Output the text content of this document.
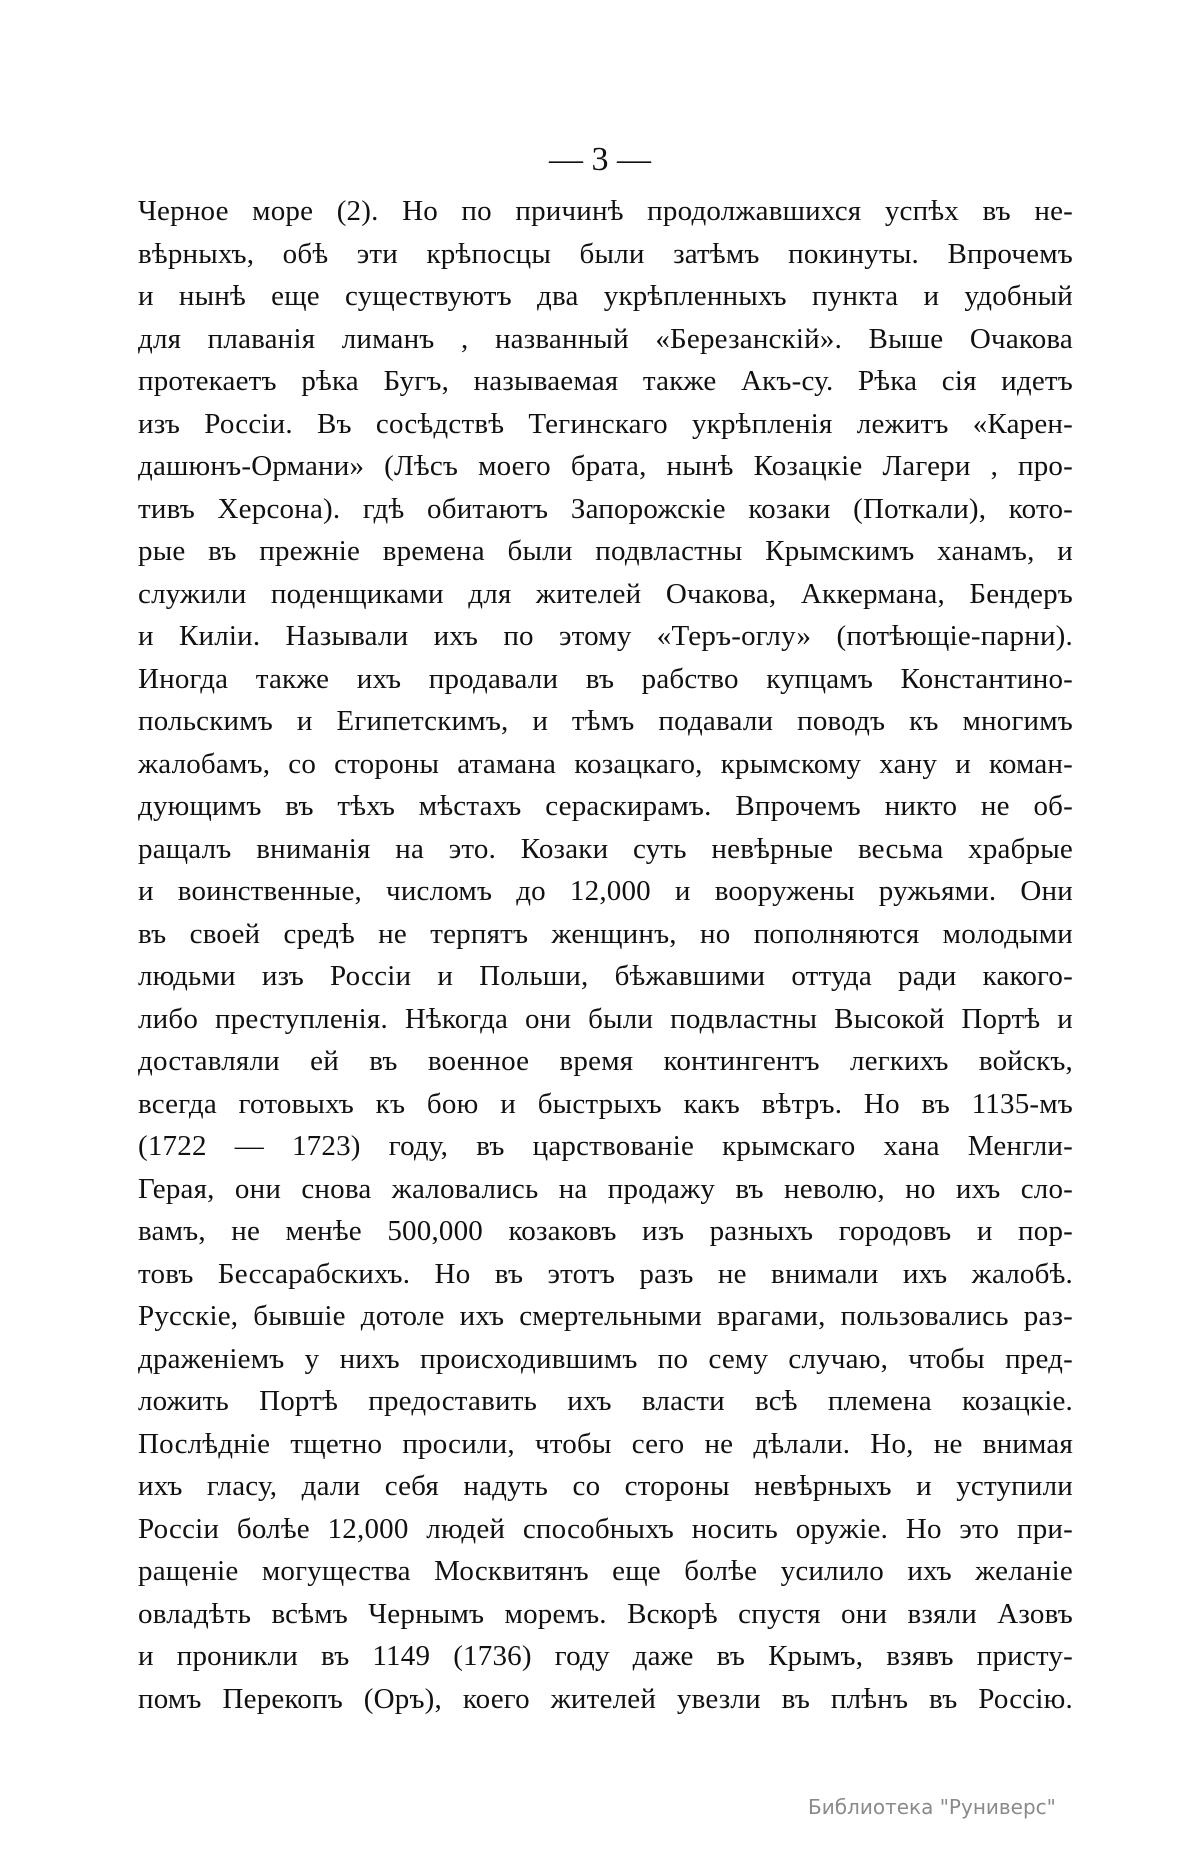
— 3 —
Черное море (2). Но по причинѣ продолжавшихся успѣх въ не-
вѣрныхъ, обѣ эти крѣпосцы были затѣмъ покинуты. Впрочемъ
и нынѣ еще существуютъ два укрѣпленныхъ пункта и удобный
для плаванія лиманъ , названный «Березанскій». Выше Очакова
протекаетъ рѣка Бугъ, называемая также Акъ-су. Рѣка сія идетъ
изъ Россіи. Въ сосѣдствѣ Тегинскаго укрѣпленія лежитъ «Карен-
дашюнъ-Ормани» (Лѣсъ моего брата, нынѣ Козацкіе Лагери , про-
тивъ Херсона). гдѣ обитаютъ Запорожскіе козаки (Поткали), кото-
рые въ прежніе времена были подвластны Крымскимъ ханамъ, и
служили поденщиками для жителей Очакова, Аккермана, Бендеръ
и Киліи. Называли ихъ по этому «Теръ-оглу» (потѣющіе-парни).
Иногда также ихъ продавали въ рабство купцамъ Константино-
польскимъ и Египетскимъ, и тѣмъ подавали поводъ къ многимъ
жалобамъ, со стороны атамана козацкаго, крымскому хану и коман-
дующимъ въ тѣхъ мѣстахъ сераскирамъ. Впрочемъ никто не об-
ращалъ вниманія на это. Козаки суть невѣрные весьма храбрые
и воинственные, числомъ до 12,000 и вооружены ружьями. Они
въ своей средѣ не терпятъ женщинъ, но пополняются молодыми
людьми изъ Россіи и Польши, бѣжавшими оттуда ради какого-
либо преступленія. Нѣкогда они были подвластны Высокой Портѣ и
доставляли ей въ военное время контингентъ легкихъ войскъ,
всегда готовыхъ къ бою и быстрыхъ какъ вѣтръ. Но въ 1135-мъ
(1722 — 1723) году, въ царствованіе крымскаго хана Менгли-
Герая, они снова жаловались на продажу въ неволю, но ихъ сло-
вамъ, не менѣе 500,000 козаковъ изъ разныхъ городовъ и пор-
товъ Бессарабскихъ. Но въ этотъ разъ не внимали ихъ жалобѣ.
Русскіе, бывшіе дотоле ихъ смертельными врагами, пользовались раз-
драженіемъ у нихъ происходившимъ по сему случаю, чтобы пред-
ложить Портѣ предоставить ихъ власти всѣ племена козацкіе.
Послѣдніе тщетно просили, чтобы сего не дѣлали. Но, не внимая
ихъ гласу, дали себя надуть со стороны невѣрныхъ и уступили
Россіи болѣе 12,000 людей способныхъ носить оружіе. Но это при-
ращеніе могущества Москвитянъ еще болѣе усилило ихъ желаніе
овладѣть всѣмъ Чернымъ моремъ. Вскорѣ спустя они взяли Азовъ
и проникли въ 1149 (1736) году даже въ Крымъ, взявъ присту-
помъ Перекопъ (Оръ), коего жителей увезли въ плѣнъ въ Россію.
Библиотека "Руниверс"
